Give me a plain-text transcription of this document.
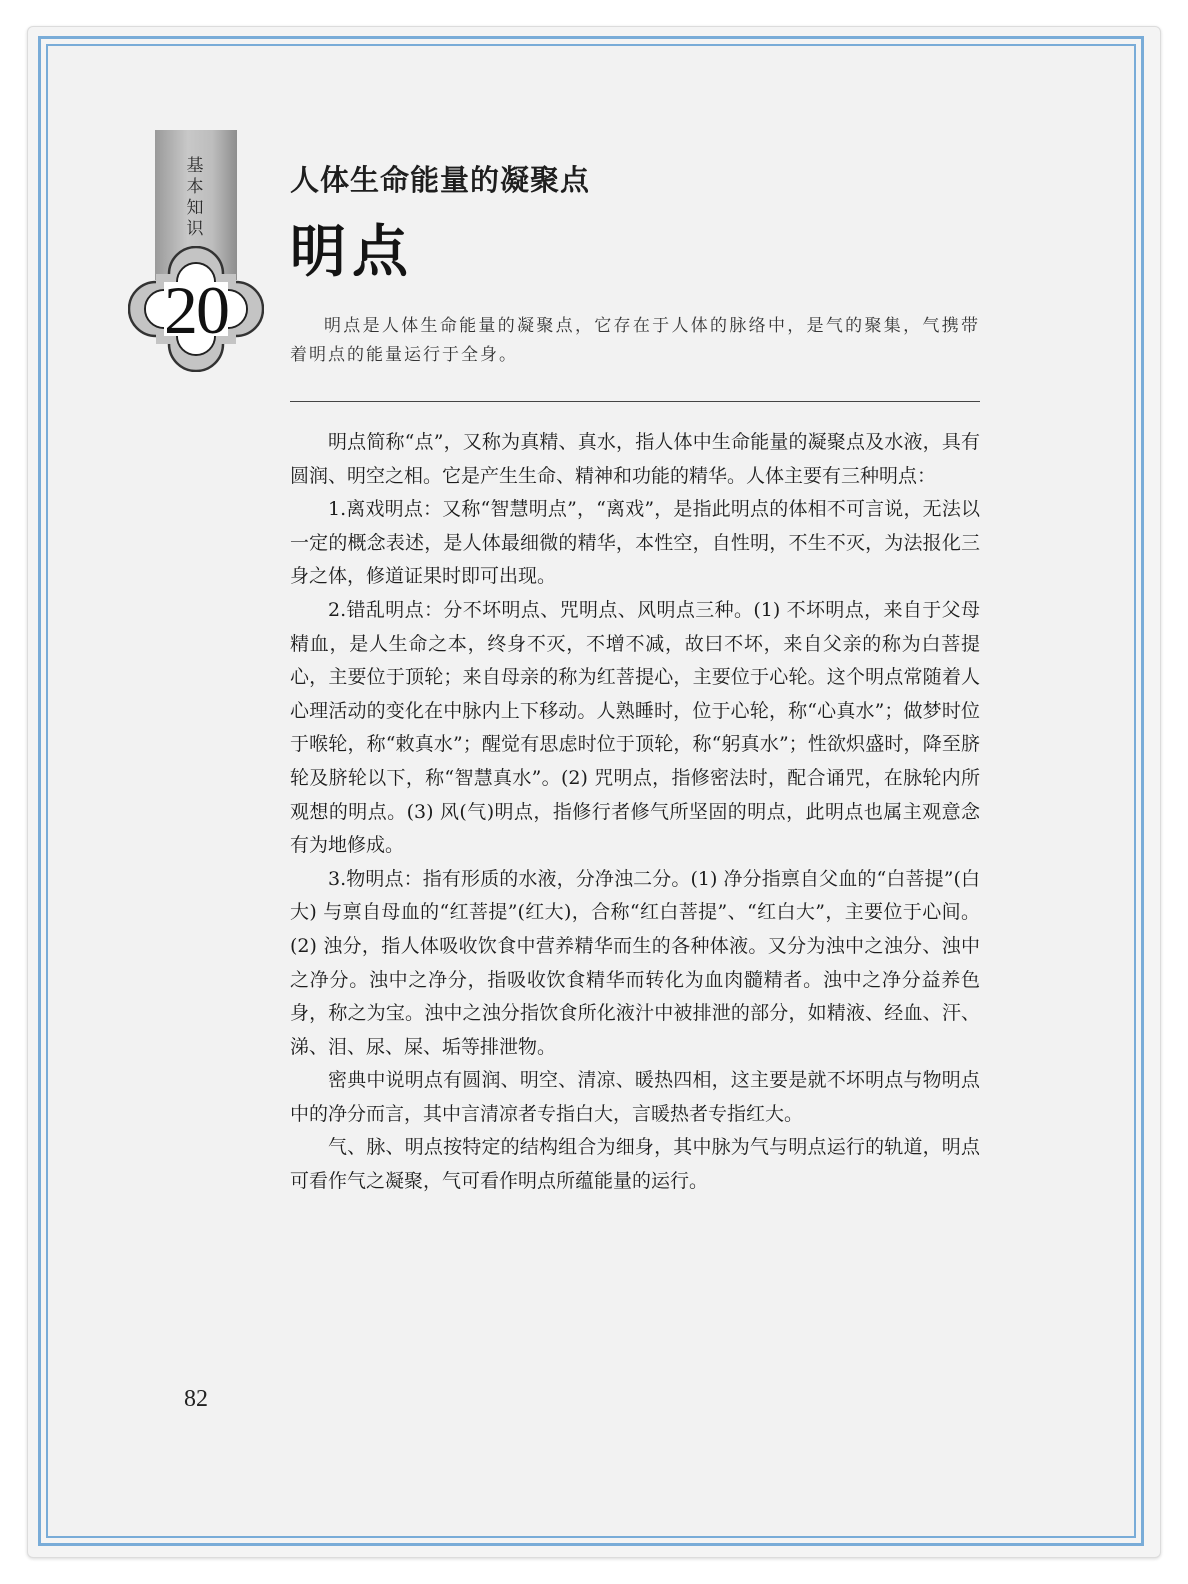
基本知识
20
人体生命能量的凝聚点
明点
明点是人体生命能量的凝聚点，它存在于人体的脉络中，是气的聚集，气携带着明点的能量运行于全身。

明点简称“点”，又称为真精、真水，指人体中生命能量的凝聚点及水液，具有圆润、明空之相。它是产生生命、精神和功能的精华。人体主要有三种明点：

1.离戏明点：又称“智慧明点”，“离戏”，是指此明点的体相不可言说，无法以一定的概念表述，是人体最细微的精华，本性空，自性明，不生不灭，为法报化三身之体，修道证果时即可出现。

2.错乱明点：分不坏明点、咒明点、风明点三种。(1) 不坏明点，来自于父母精血，是人生命之本，终身不灭，不增不减，故曰不坏，来自父亲的称为白菩提心，主要位于顶轮；来自母亲的称为红菩提心，主要位于心轮。这个明点常随着人心理活动的变化在中脉内上下移动。人熟睡时，位于心轮，称“心真水”；做梦时位于喉轮，称“敕真水”；醒觉有思虑时位于顶轮，称“躬真水”；性欲炽盛时，降至脐轮及脐轮以下，称“智慧真水”。(2) 咒明点，指修密法时，配合诵咒，在脉轮内所观想的明点。(3) 风(气)明点，指修行者修气所坚固的明点，此明点也属主观意念有为地修成。

3.物明点：指有形质的水液，分净浊二分。(1) 净分指禀自父血的“白菩提”(白大) 与禀自母血的“红菩提”(红大)，合称“红白菩提”、“红白大”，主要位于心间。(2) 浊分，指人体吸收饮食中营养精华而生的各种体液。又分为浊中之浊分、浊中之净分。浊中之净分，指吸收饮食精华而转化为血肉髓精者。浊中之净分益养色身，称之为宝。浊中之浊分指饮食所化液汁中被排泄的部分，如精液、经血、汗、涕、泪、尿、屎、垢等排泄物。

密典中说明点有圆润、明空、清凉、暖热四相，这主要是就不坏明点与物明点中的净分而言，其中言清凉者专指白大，言暖热者专指红大。

气、脉、明点按特定的结构组合为细身，其中脉为气与明点运行的轨道，明点可看作气之凝聚，气可看作明点所蕴能量的运行。

82
